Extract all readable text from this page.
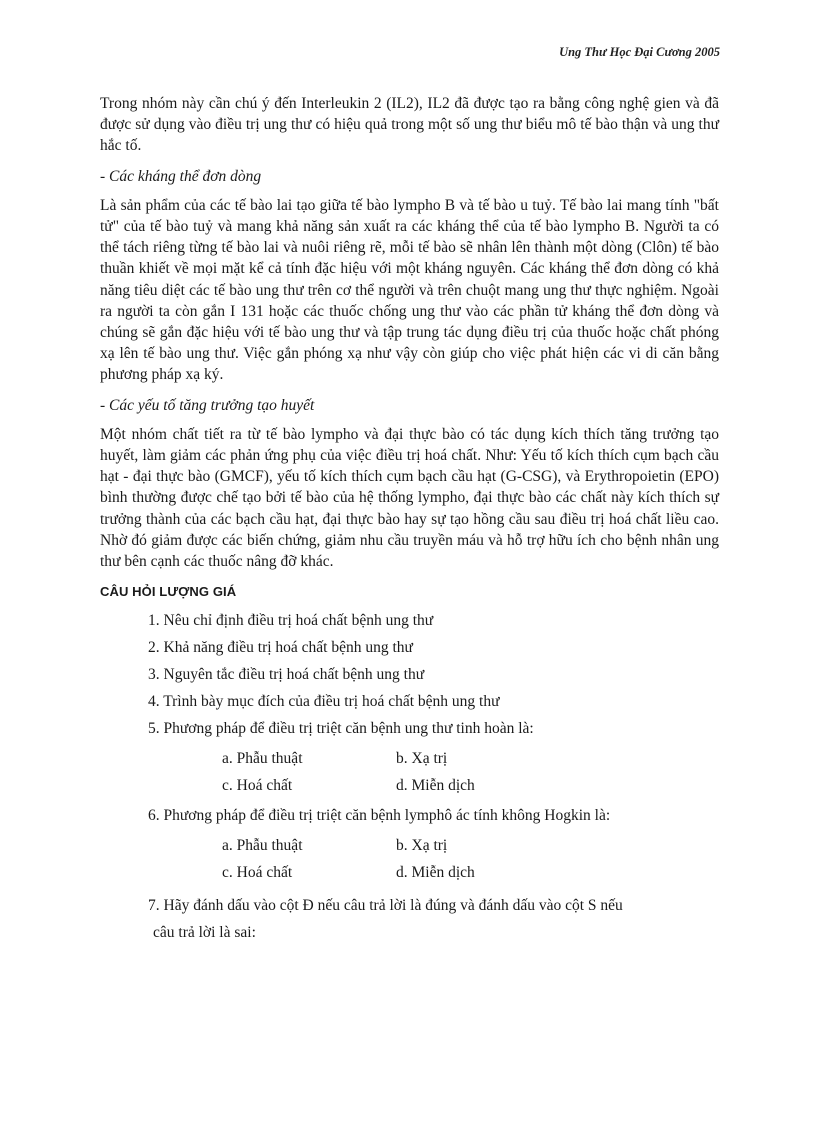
Ung Thư Học Đại Cương 2005

Trong nhóm này cần chú ý đến Interleukin 2 (IL2), IL2 đã được tạo ra bằng công nghệ gien và đã được sử dụng vào điều trị ung thư có hiệu quả trong một số ung thư biểu mô tế bào thận và ung thư hắc tố.

- Các kháng thể đơn dòng

Là sản phẩm của các tế bào lai tạo giữa tế bào lympho B và tế bào u tuỷ. Tế bào lai mang tính "bất tử" của tế bào tuỷ và mang khả năng sản xuất ra các kháng thể của tế bào lympho B. Người ta có thể tách riêng từng tế bào lai và nuôi riêng rẽ, mỗi tế bào sẽ nhân lên thành một dòng (Clôn) tế bào thuần khiết về mọi mặt kể cả tính đặc hiệu với một kháng nguyên. Các kháng thể đơn dòng có khả năng tiêu diệt các tế bào ung thư trên cơ thể người và trên chuột mang ung thư thực nghiệm. Ngoài ra người ta còn gắn I 131 hoặc các thuốc chống ung thư vào các phần tử kháng thể đơn dòng và chúng sẽ gắn đặc hiệu với tế bào ung thư và tập trung tác dụng điều trị của thuốc hoặc chất phóng xạ lên tế bào ung thư. Việc gắn phóng xạ như vậy còn giúp cho việc phát hiện các vi di căn bằng phương pháp xạ ký.

- Các yếu tố tăng trưởng tạo huyết

Một nhóm chất tiết ra từ tế bào lympho và đại thực bào có tác dụng kích thích tăng trưởng tạo huyết, làm giảm các phản ứng phụ của việc điều trị hoá chất. Như: Yếu tố kích thích cụm bạch cầu hạt - đại thực bào (GMCF), yếu tố kích thích cụm bạch cầu hạt (G-CSG), và Erythropoietin (EPO) bình thường được chế tạo bởi tế bào của hệ thống lympho, đại thực bào các chất này kích thích sự trưởng thành của các bạch cầu hạt, đại thực bào hay sự tạo hồng cầu sau điều trị hoá chất liều cao. Nhờ đó giảm được các biến chứng, giảm nhu cầu truyền máu và hỗ trợ hữu ích cho bệnh nhân ung thư bên cạnh các thuốc nâng đỡ khác.

CÂU HỎI LƯỢNG GIÁ

1. Nêu chỉ định điều trị hoá chất bệnh ung thư
2. Khả năng điều trị hoá chất bệnh ung thư
3. Nguyên tắc điều trị hoá chất bệnh ung thư
4. Trình bày mục đích của điều trị hoá chất bệnh ung thư
5. Phương pháp để điều trị triệt căn bệnh ung thư tinh hoàn là:
a. Phẫu thuật	b. Xạ trị
c. Hoá chất	d. Miễn dịch
6. Phương pháp để điều trị triệt căn bệnh lymphô ác tính không Hogkin là:
a. Phẫu thuật	b. Xạ trị
c. Hoá chất	d. Miễn dịch
7. Hãy đánh dấu vào cột Đ nếu câu trả lời là đúng và đánh dấu vào cột S nếu
câu trả lời là sai:
